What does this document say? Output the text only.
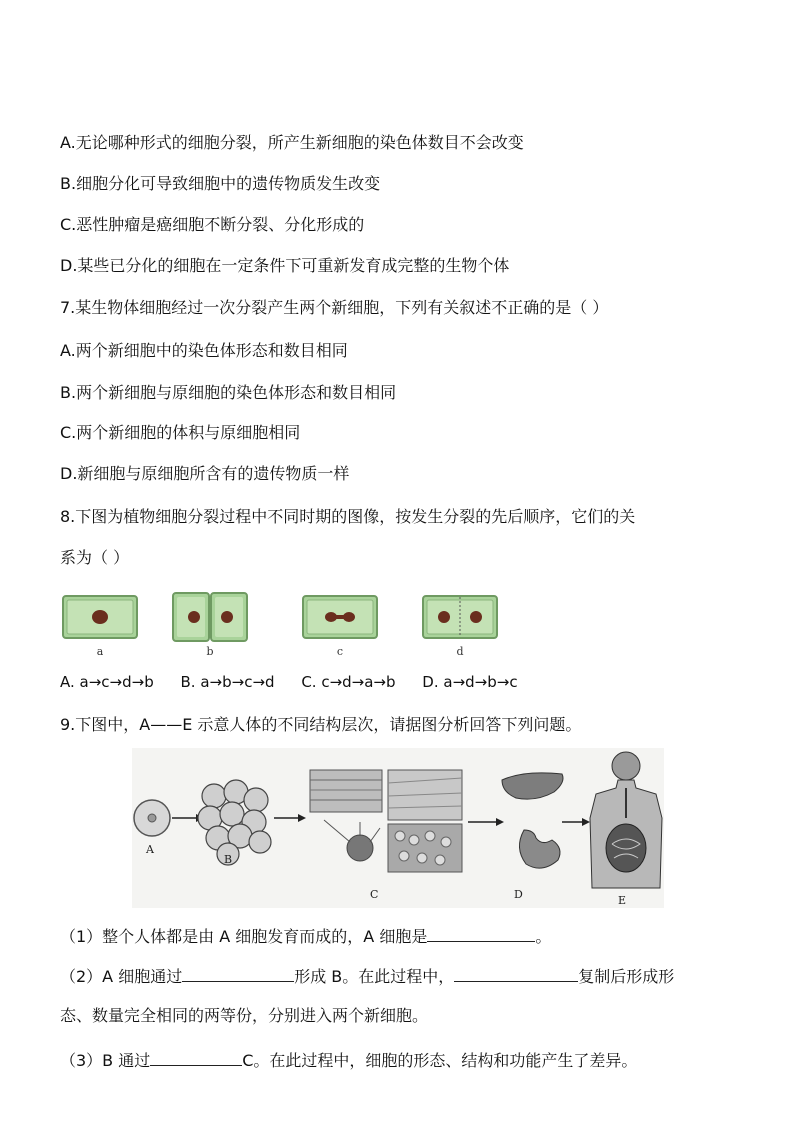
A.无论哪种形式的细胞分裂，所产生新细胞的染色体数目不会改变
B.细胞分化可导致细胞中的遗传物质发生改变
C.恶性肿瘤是癌细胞不断分裂、分化形成的
D.某些已分化的细胞在一定条件下可重新发育成完整的生物个体
7.某生物体细胞经过一次分裂产生两个新细胞，下列有关叙述不正确的是（ ）
A.两个新细胞中的染色体形态和数目相同
B.两个新细胞与原细胞的染色体形态和数目相同
C.两个新细胞的体积与原细胞相同
D.新细胞与原细胞所含有的遗传物质一样
8.下图为植物细胞分裂过程中不同时期的图像，按发生分裂的先后顺序，它们的关
系为（ ）
a	b	c	d
A. a→c→d→b B. a→b→c→d C. c→d→a→b D. a→d→b→c
9.下图中，A——E 示意人体的不同结构层次，请据图分析回答下列问题。
A
B
C	D	E
（1）整个人体都是由 A 细胞发育而成的，A 细胞是	。
（2）A 细胞通过	形成 B。在此过程中，	复制后形成形
态、数量完全相同的两等份，分别进入两个新细胞。
（3）B 通过	C。在此过程中，细胞的形态、结构和功能产生了差异。
